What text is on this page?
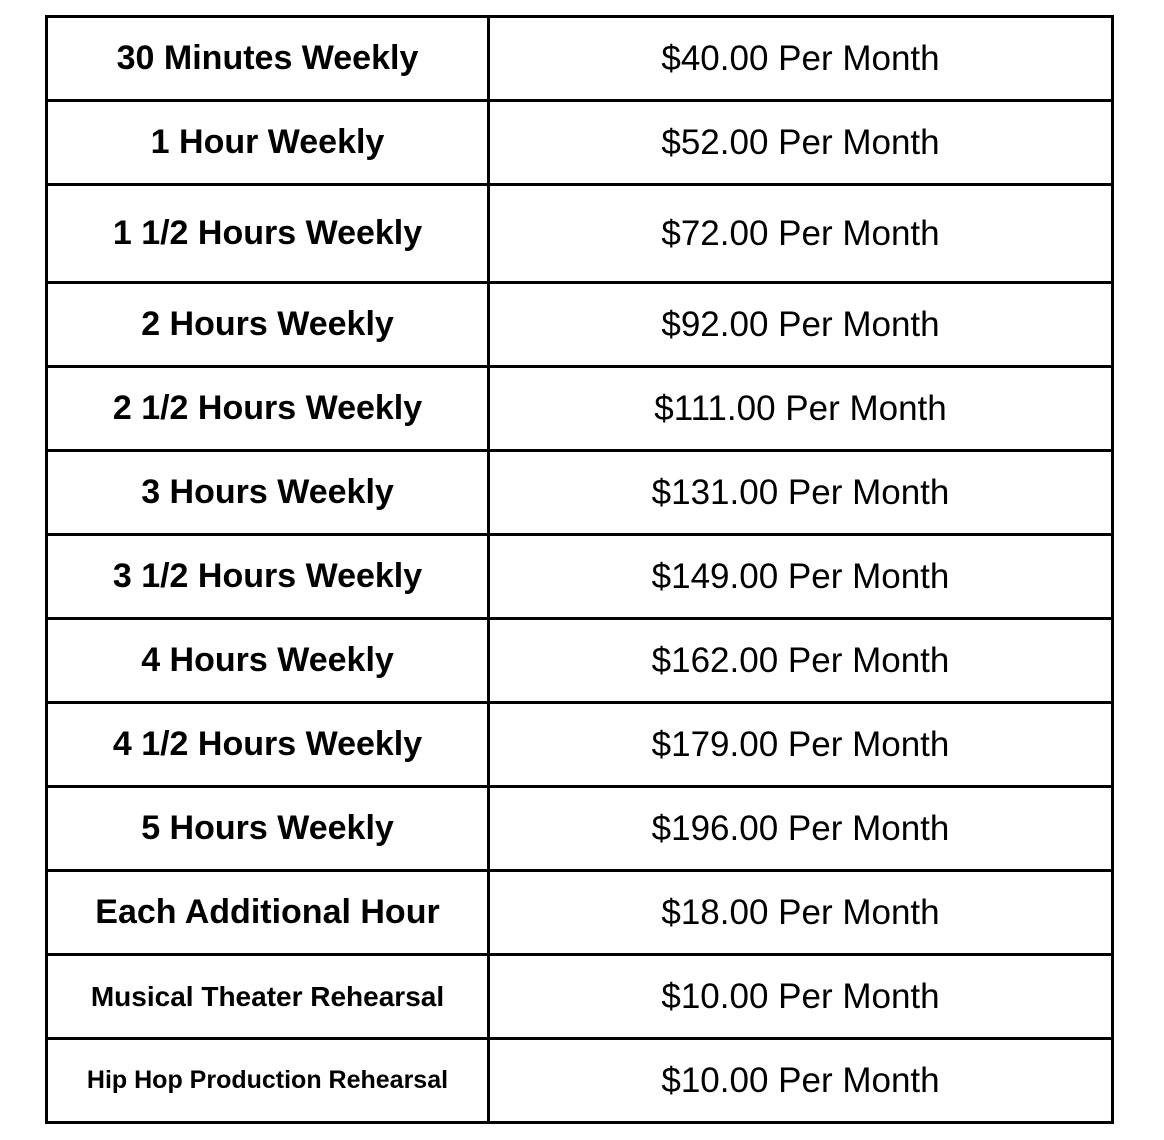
30 Minutes Weekly	$40.00 Per Month
1 Hour Weekly	$52.00 Per Month
1 1/2 Hours Weekly	$72.00 Per Month
2 Hours Weekly	$92.00 Per Month
2 1/2 Hours Weekly	$111.00 Per Month
3 Hours Weekly	$131.00 Per Month
3 1/2 Hours Weekly	$149.00 Per Month
4 Hours Weekly	$162.00 Per Month
4 1/2 Hours Weekly	$179.00 Per Month
5 Hours Weekly	$196.00 Per Month
Each Additional Hour	$18.00 Per Month
Musical Theater Rehearsal	$10.00 Per Month
Hip Hop Production Rehearsal	$10.00 Per Month
